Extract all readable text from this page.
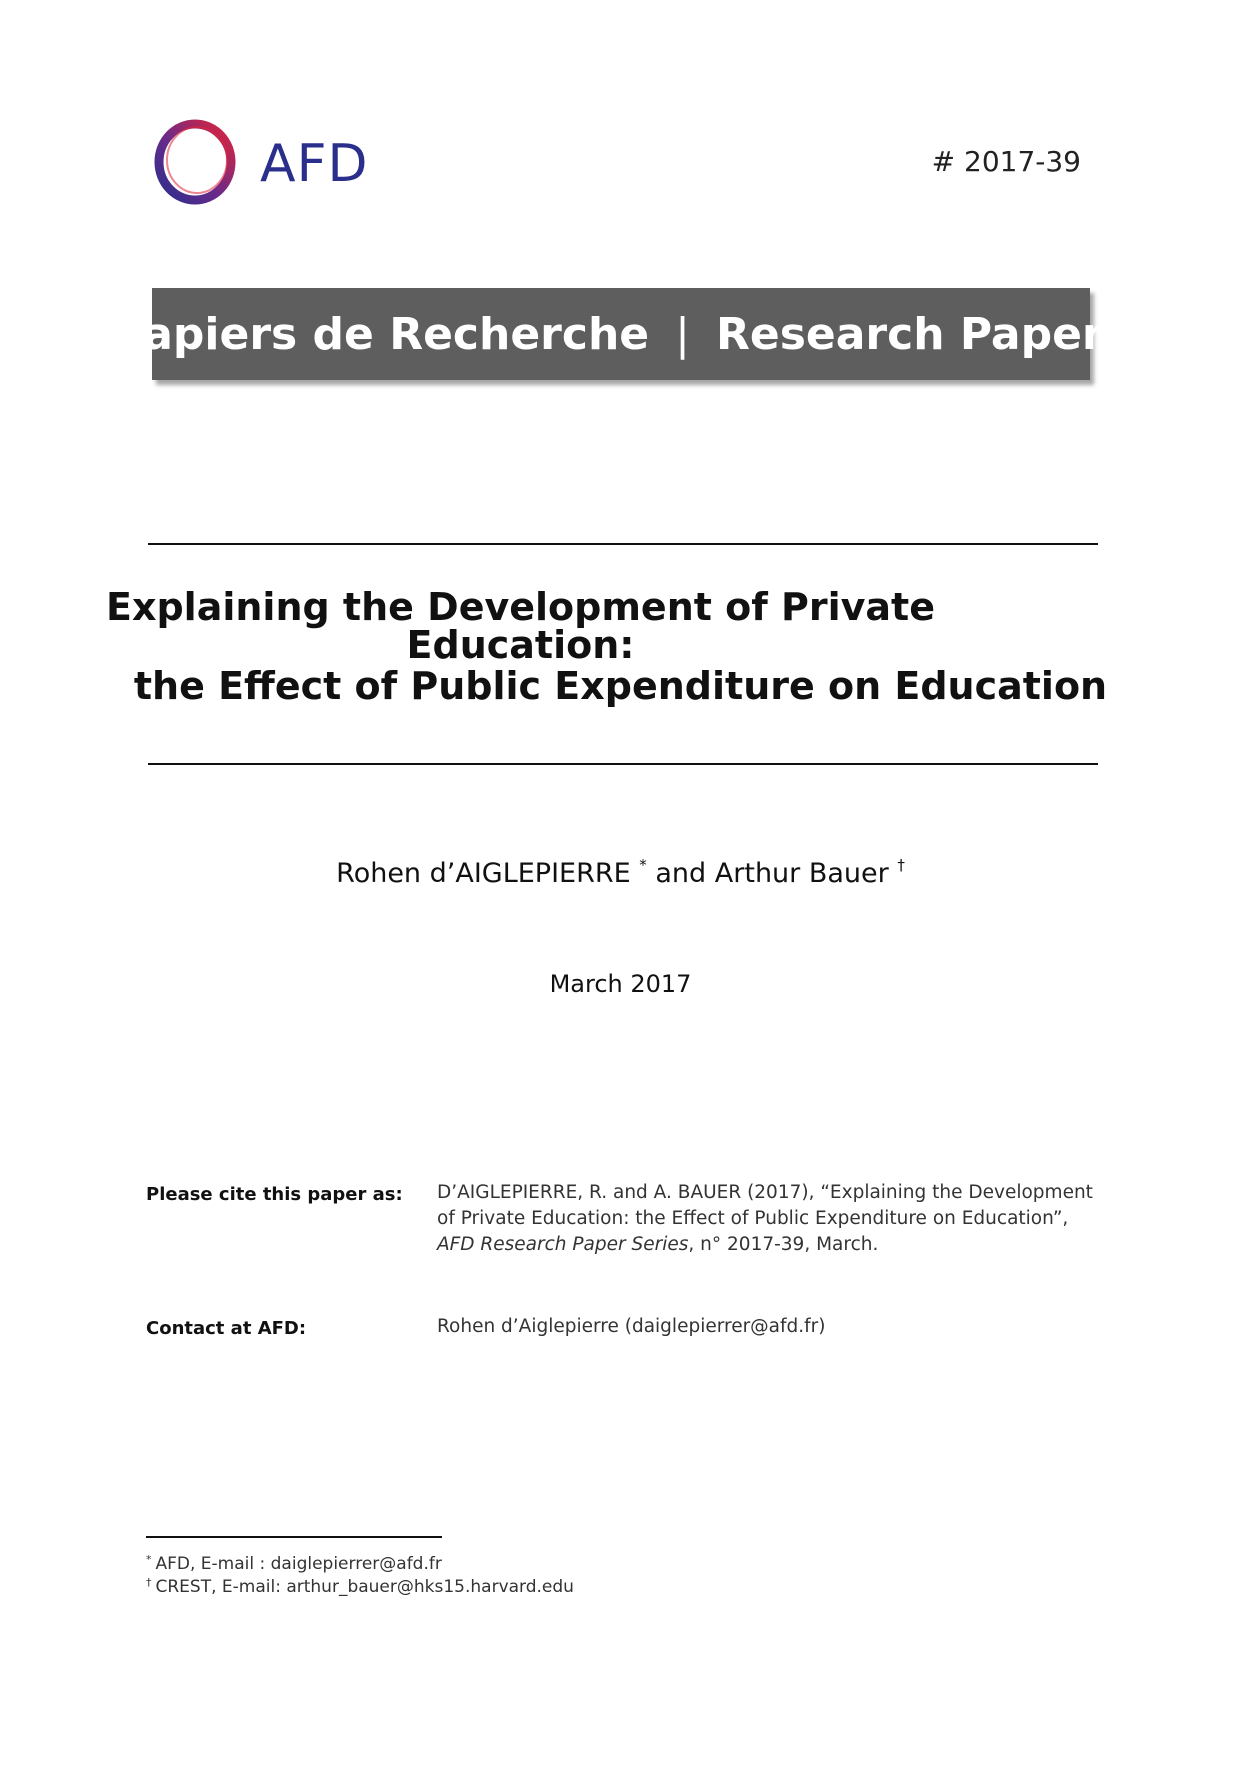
AFD	# 2017-39
Papiers de Recherche | Research Papers
Explaining the Development of Private Education:
the Effect of Public Expenditure on Education
Rohen d’AIGLEPIERRE * and Arthur Bauer †
March 2017
Please cite this paper as: D’AIGLEPIERRE, R. and A. BAUER (2017), “Explaining the Development of Private Education: the Effect of Public Expenditure on Education”, AFD Research Paper Series, n° 2017-39, March.
Contact at AFD:	Rohen d’Aiglepierre (daiglepierrer@afd.fr)
* AFD, E-mail : daiglepierrer@afd.fr
† CREST, E-mail: arthur_bauer@hks15.harvard.edu
